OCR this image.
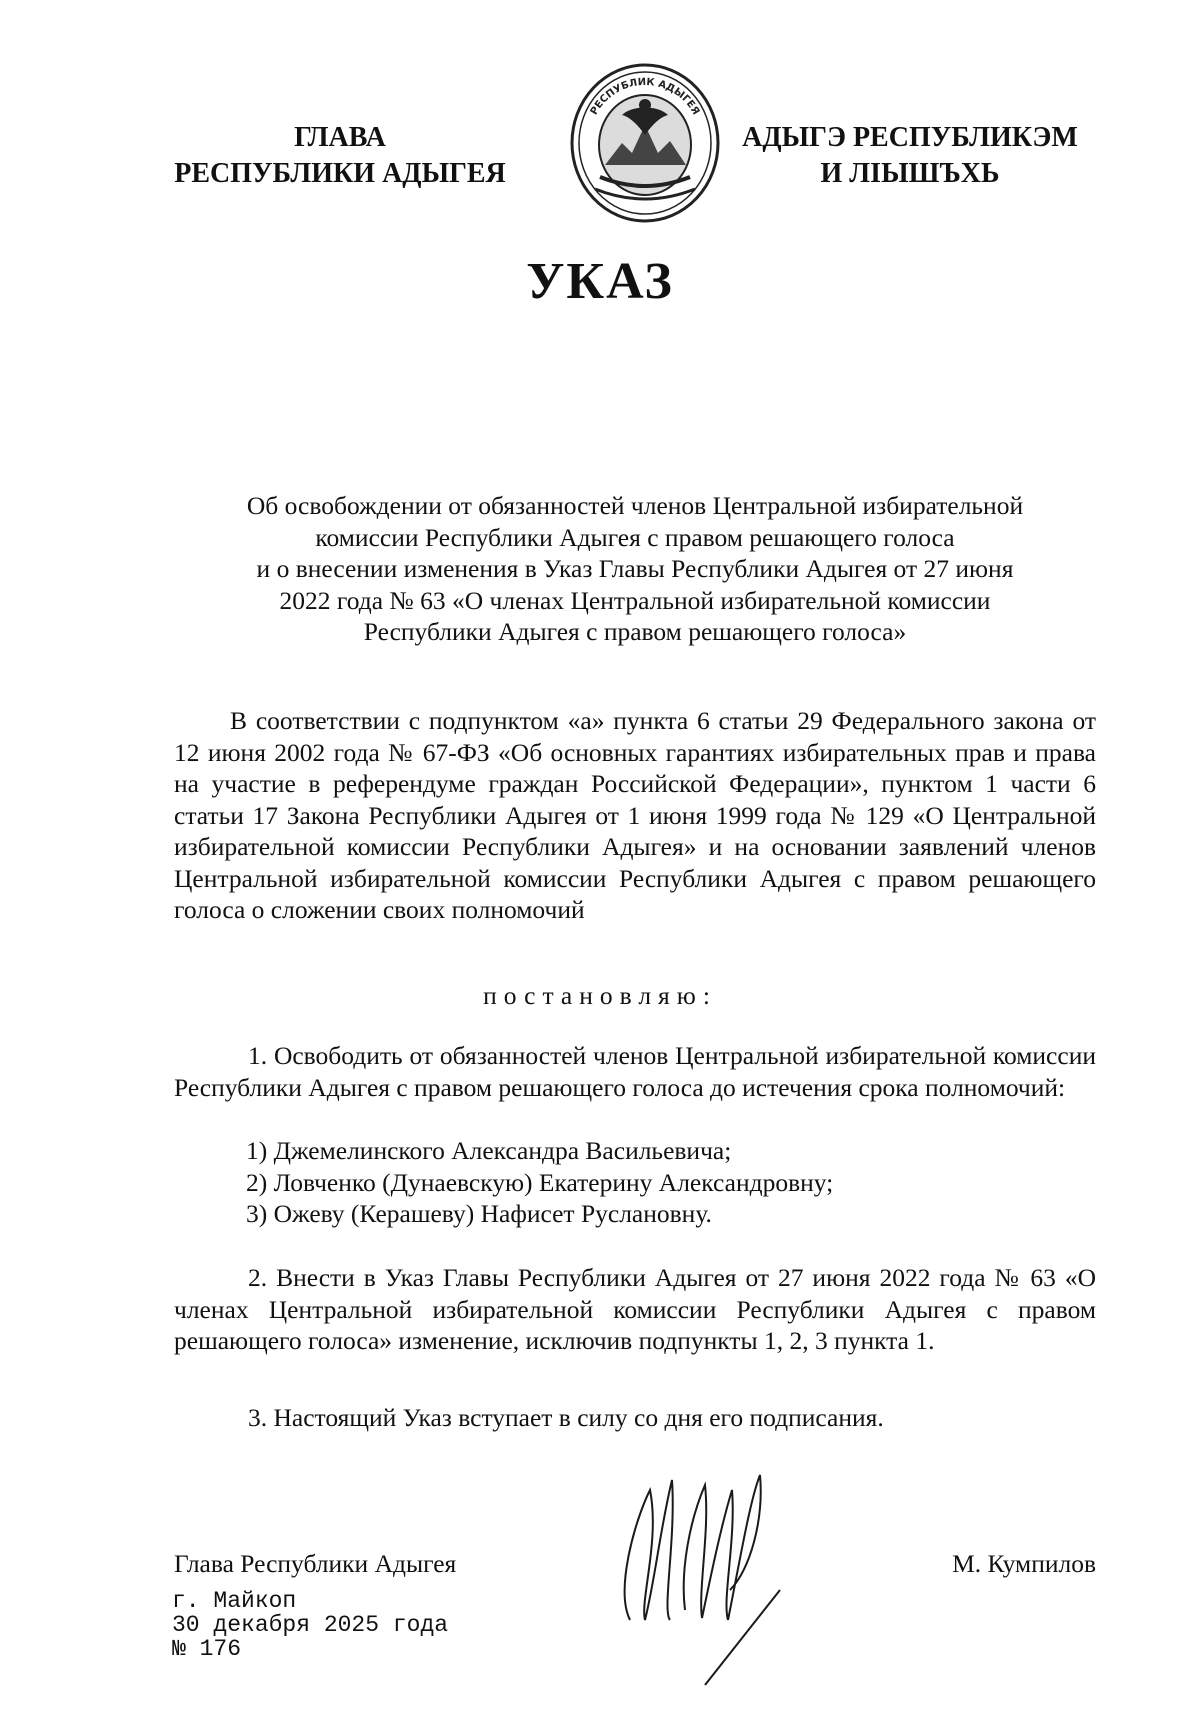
ГЛАВА
РЕСПУБЛИКИ АДЫГЕЯ
РЕСПУБЛИК АДЫГЕЯ
АДЫГЭ РЕСПУБЛИКЭМ
И ЛІЫШЪХЬ
УКАЗ
Об освобождении от обязанностей членов Центральной избирательной
комиссии Республики Адыгея с правом решающего голоса
и о внесении изменения в Указ Главы Республики Адыгея от 27 июня
2022 года № 63 «О членах Центральной избирательной комиссии
Республики Адыгея с правом решающего голоса»
В соответствии с подпунктом «а» пункта 6 статьи 29 Федерального закона от 12 июня 2002 года № 67-ФЗ «Об основных гарантиях избирательных прав и права на участие в референдуме граждан Российской Федерации», пунктом 1 части 6 статьи 17 Закона Республики Адыгея от 1 июня 1999 года № 129 «О Центральной избирательной комиссии Республики Адыгея» и на основании заявлений членов Центральной избирательной комиссии Республики Адыгея с правом решающего голоса о сложении своих полномочий
постановляю:
1. Освободить от обязанностей членов Центральной избирательной комиссии Республики Адыгея с правом решающего голоса до истечения срока полномочий:
1) Джемелинского Александра Васильевича;
2) Ловченко (Дунаевскую) Екатерину Александровну;
3) Ожеву (Керашеву) Нафисет Руслановну.
2. Внести в Указ Главы Республики Адыгея от 27 июня 2022 года № 63 «О членах Центральной избирательной комиссии Республики Адыгея с правом решающего голоса» изменение, исключив подпункты 1, 2, 3 пункта 1.
3. Настоящий Указ вступает в силу со дня его подписания.
Глава Республики Адыгея	М. Кумпилов
г. Майкоп
30 декабря 2025 года
№ 176
